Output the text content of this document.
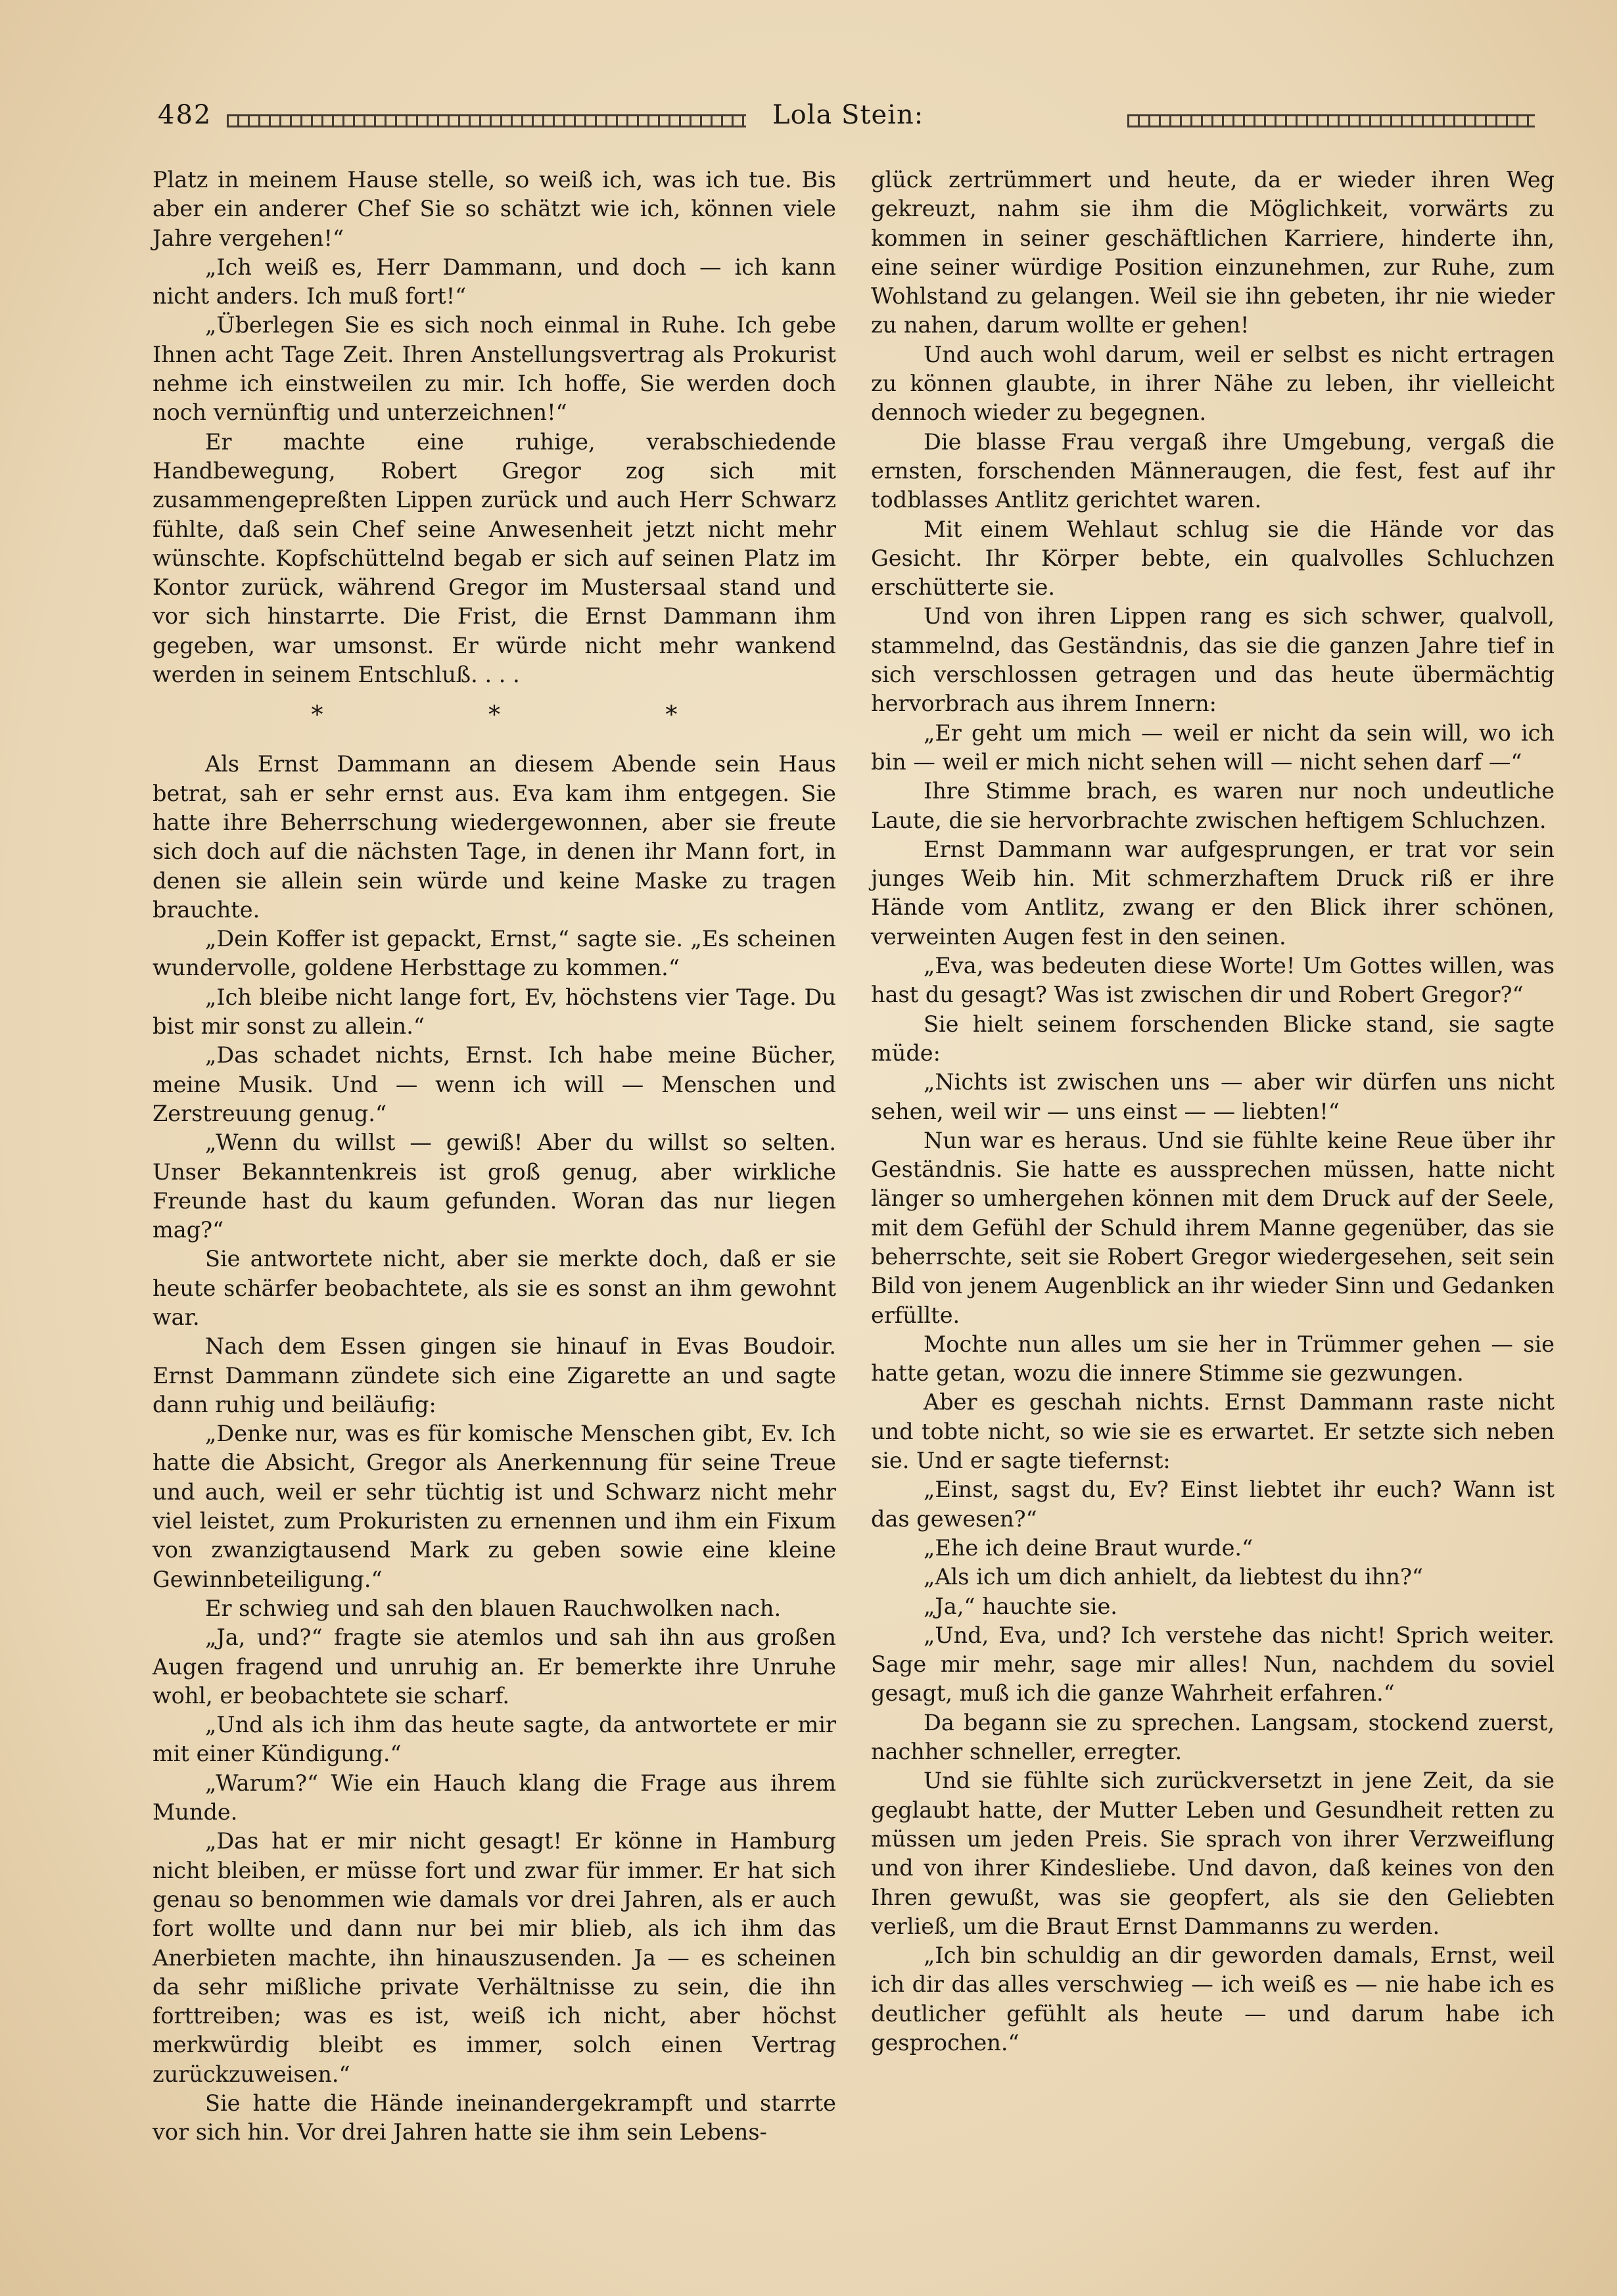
482	Lola Stein:

Platz in meinem Hause stelle, so weiß ich, was ich tue. Bis aber ein anderer Chef Sie so schätzt wie ich, können viele Jahre vergehen!“

„Ich weiß es, Herr Dammann, und doch — ich kann nicht anders. Ich muß fort!“

„Überlegen Sie es sich noch einmal in Ruhe. Ich gebe Ihnen acht Tage Zeit. Ihren Anstellungsvertrag als Prokurist nehme ich einstweilen zu mir. Ich hoffe, Sie werden doch noch vernünftig und unterzeichnen!“

Er machte eine ruhige, verabschiedende Handbewegung, Robert Gregor zog sich mit zusammengepreßten Lippen zurück und auch Herr Schwarz fühlte, daß sein Chef seine Anwesenheit jetzt nicht mehr wünschte. Kopfschüttelnd begab er sich auf seinen Platz im Kontor zurück, während Gregor im Mustersaal stand und vor sich hinstarrte. Die Frist, die Ernst Dammann ihm gegeben, war umsonst. Er würde nicht mehr wankend werden in seinem Entschluß. . . .

* * *

Als Ernst Dammann an diesem Abende sein Haus betrat, sah er sehr ernst aus. Eva kam ihm entgegen. Sie hatte ihre Beherrschung wiedergewonnen, aber sie freute sich doch auf die nächsten Tage, in denen ihr Mann fort, in denen sie allein sein würde und keine Maske zu tragen brauchte.

„Dein Koffer ist gepackt, Ernst,“ sagte sie. „Es scheinen wundervolle, goldene Herbsttage zu kommen.“

„Ich bleibe nicht lange fort, Ev, höchstens vier Tage. Du bist mir sonst zu allein.“

„Das schadet nichts, Ernst. Ich habe meine Bücher, meine Musik. Und — wenn ich will — Menschen und Zerstreuung genug.“

„Wenn du willst — gewiß! Aber du willst so selten. Unser Bekanntenkreis ist groß genug, aber wirkliche Freunde hast du kaum gefunden. Woran das nur liegen mag?“

Sie antwortete nicht, aber sie merkte doch, daß er sie heute schärfer beobachtete, als sie es sonst an ihm gewohnt war.

Nach dem Essen gingen sie hinauf in Evas Boudoir. Ernst Dammann zündete sich eine Zigarette an und sagte dann ruhig und beiläufig:

„Denke nur, was es für komische Menschen gibt, Ev. Ich hatte die Absicht, Gregor als Anerkennung für seine Treue und auch, weil er sehr tüchtig ist und Schwarz nicht mehr viel leistet, zum Prokuristen zu ernennen und ihm ein Fixum von zwanzigtausend Mark zu geben sowie eine kleine Gewinnbeteiligung.“

Er schwieg und sah den blauen Rauchwolken nach.

„Ja, und?“ fragte sie atemlos und sah ihn aus großen Augen fragend und unruhig an. Er bemerkte ihre Unruhe wohl, er beobachtete sie scharf.

„Und als ich ihm das heute sagte, da antwortete er mir mit einer Kündigung.“

„Warum?“ Wie ein Hauch klang die Frage aus ihrem Munde.

„Das hat er mir nicht gesagt! Er könne in Hamburg nicht bleiben, er müsse fort und zwar für immer. Er hat sich genau so benommen wie damals vor drei Jahren, als er auch fort wollte und dann nur bei mir blieb, als ich ihm das Anerbieten machte, ihn hinauszusenden. Ja — es scheinen da sehr mißliche private Verhältnisse zu sein, die ihn forttreiben; was es ist, weiß ich nicht, aber höchst merkwürdig bleibt es immer, solch einen Vertrag zurückzuweisen.“

Sie hatte die Hände ineinandergekrampft und starrte vor sich hin. Vor drei Jahren hatte sie ihm sein Lebens-

glück zertrümmert und heute, da er wieder ihren Weg gekreuzt, nahm sie ihm die Möglichkeit, vorwärts zu kommen in seiner geschäftlichen Karriere, hinderte ihn, eine seiner würdige Position einzunehmen, zur Ruhe, zum Wohlstand zu gelangen. Weil sie ihn gebeten, ihr nie wieder zu nahen, darum wollte er gehen!

Und auch wohl darum, weil er selbst es nicht ertragen zu können glaubte, in ihrer Nähe zu leben, ihr vielleicht dennoch wieder zu begegnen.

Die blasse Frau vergaß ihre Umgebung, vergaß die ernsten, forschenden Männeraugen, die fest, fest auf ihr todblasses Antlitz gerichtet waren.

Mit einem Wehlaut schlug sie die Hände vor das Gesicht. Ihr Körper bebte, ein qualvolles Schluchzen erschütterte sie.

Und von ihren Lippen rang es sich schwer, qualvoll, stammelnd, das Geständnis, das sie die ganzen Jahre tief in sich verschlossen getragen und das heute übermächtig hervorbrach aus ihrem Innern:

„Er geht um mich — weil er nicht da sein will, wo ich bin — weil er mich nicht sehen will — nicht sehen darf —“

Ihre Stimme brach, es waren nur noch undeutliche Laute, die sie hervorbrachte zwischen heftigem Schluchzen.

Ernst Dammann war aufgesprungen, er trat vor sein junges Weib hin. Mit schmerzhaftem Druck riß er ihre Hände vom Antlitz, zwang er den Blick ihrer schönen, verweinten Augen fest in den seinen.

„Eva, was bedeuten diese Worte! Um Gottes willen, was hast du gesagt? Was ist zwischen dir und Robert Gregor?“

Sie hielt seinem forschenden Blicke stand, sie sagte müde:

„Nichts ist zwischen uns — aber wir dürfen uns nicht sehen, weil wir — uns einst — — liebten!“

Nun war es heraus. Und sie fühlte keine Reue über ihr Geständnis. Sie hatte es aussprechen müssen, hatte nicht länger so umhergehen können mit dem Druck auf der Seele, mit dem Gefühl der Schuld ihrem Manne gegenüber, das sie beherrschte, seit sie Robert Gregor wiedergesehen, seit sein Bild von jenem Augenblick an ihr wieder Sinn und Gedanken erfüllte.

Mochte nun alles um sie her in Trümmer gehen — sie hatte getan, wozu die innere Stimme sie gezwungen.

Aber es geschah nichts. Ernst Dammann raste nicht und tobte nicht, so wie sie es erwartet. Er setzte sich neben sie. Und er sagte tiefernst:

„Einst, sagst du, Ev? Einst liebtet ihr euch? Wann ist das gewesen?“

„Ehe ich deine Braut wurde.“

„Als ich um dich anhielt, da liebtest du ihn?“

„Ja,“ hauchte sie.

„Und, Eva, und? Ich verstehe das nicht! Sprich weiter. Sage mir mehr, sage mir alles! Nun, nachdem du soviel gesagt, muß ich die ganze Wahrheit erfahren.“

Da begann sie zu sprechen. Langsam, stockend zuerst, nachher schneller, erregter.

Und sie fühlte sich zurückversetzt in jene Zeit, da sie geglaubt hatte, der Mutter Leben und Gesundheit retten zu müssen um jeden Preis. Sie sprach von ihrer Verzweiflung und von ihrer Kindesliebe. Und davon, daß keines von den Ihren gewußt, was sie geopfert, als sie den Geliebten verließ, um die Braut Ernst Dammanns zu werden.

„Ich bin schuldig an dir geworden damals, Ernst, weil ich dir das alles verschwieg — ich weiß es — nie habe ich es deutlicher gefühlt als heute — und darum habe ich gesprochen.“
